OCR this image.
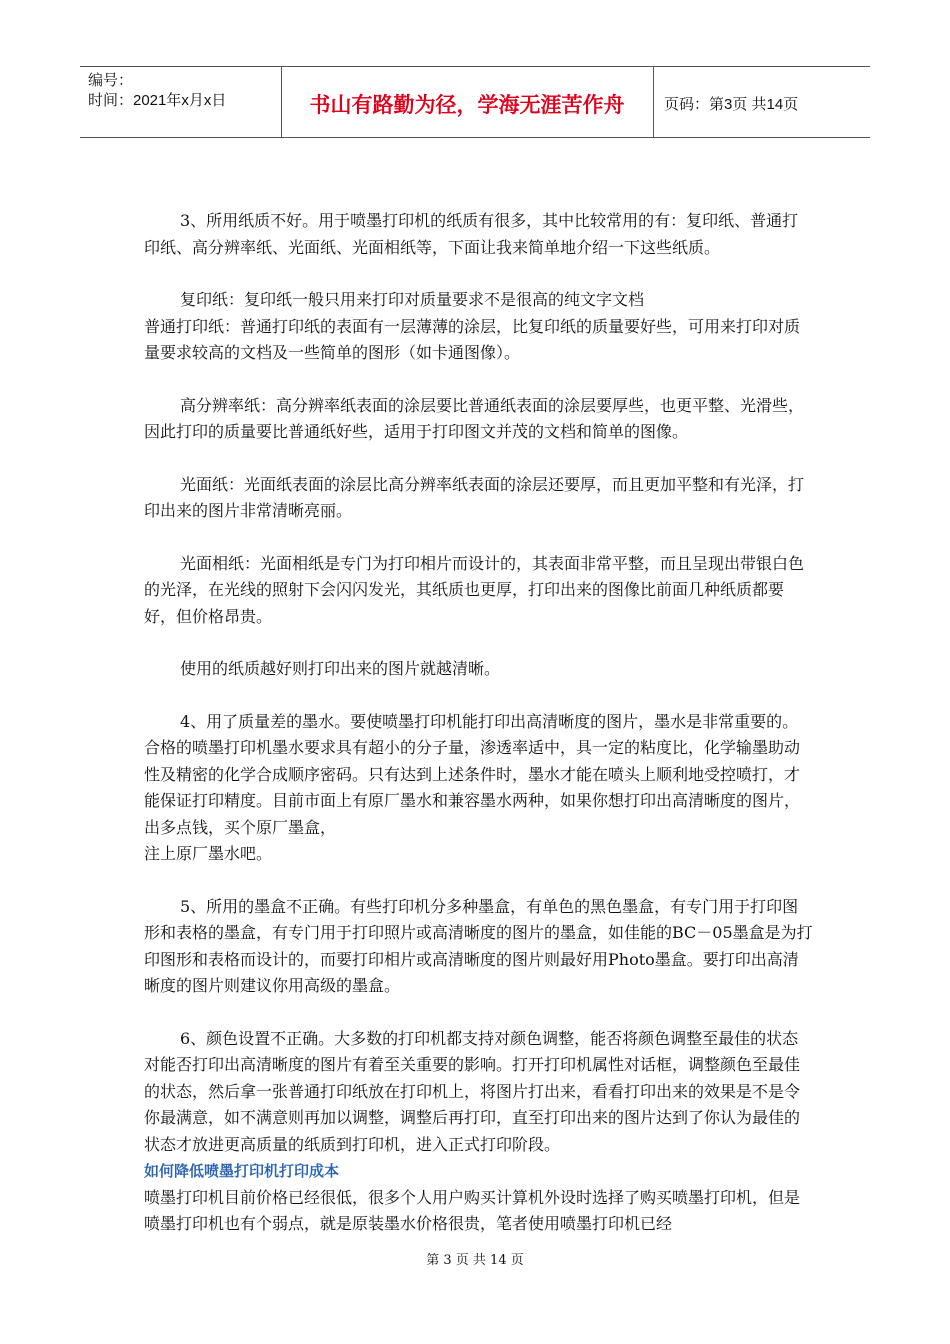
编号：
时间：2021年x月x日	书山有路勤为径，学海无涯苦作舟	页码：第3页 共14页

3、所用纸质不好。用于喷墨打印机的纸质有很多，其中比较常用的有：复印纸、普通打印纸、高分辨率纸、光面纸、光面相纸等，下面让我来简单地介绍一下这些纸质。

复印纸：复印纸一般只用来打印对质量要求不是很高的纯文字文档

普通打印纸：普通打印纸的表面有一层薄薄的涂层，比复印纸的质量要好些，可用来打印对质量要求较高的文档及一些简单的图形（如卡通图像）。

高分辨率纸：高分辨率纸表面的涂层要比普通纸表面的涂层要厚些，也更平整、光滑些，因此打印的质量要比普通纸好些，适用于打印图文并茂的文档和简单的图像。

光面纸：光面纸表面的涂层比高分辨率纸表面的涂层还要厚，而且更加平整和有光泽，打印出来的图片非常清晰亮丽。

光面相纸：光面相纸是专门为打印相片而设计的，其表面非常平整，而且呈现出带银白色的光泽，在光线的照射下会闪闪发光，其纸质也更厚，打印出来的图像比前面几种纸质都要好，但价格昂贵。

使用的纸质越好则打印出来的图片就越清晰。

4、用了质量差的墨水。要使喷墨打印机能打印出高清晰度的图片，墨水是非常重要的。合格的喷墨打印机墨水要求具有超小的分子量，渗透率适中，具一定的粘度比，化学输墨助动性及精密的化学合成顺序密码。只有达到上述条件时，墨水才能在喷头上顺利地受控喷打，才能保证打印精度。目前市面上有原厂墨水和兼容墨水两种，如果你想打印出高清晰度的图片，出多点钱，买个原厂墨盒，

注上原厂墨水吧。

5、所用的墨盒不正确。有些打印机分多种墨盒，有单色的黑色墨盒，有专门用于打印图形和表格的墨盒，有专门用于打印照片或高清晰度的图片的墨盒，如佳能的BC－05墨盒是为打印图形和表格而设计的，而要打印相片或高清晰度的图片则最好用Photo墨盒。要打印出高清晰度的图片则建议你用高级的墨盒。

6、颜色设置不正确。大多数的打印机都支持对颜色调整，能否将颜色调整至最佳的状态对能否打印出高清晰度的图片有着至关重要的影响。打开打印机属性对话框，调整颜色至最佳的状态，然后拿一张普通打印纸放在打印机上，将图片打出来，看看打印出来的效果是不是令你最满意，如不满意则再加以调整，调整后再打印，直至打印出来的图片达到了你认为最佳的状态才放进更高质量的纸质到打印机，进入正式打印阶段。

如何降低喷墨打印机打印成本

喷墨打印机目前价格已经很低，很多个人用户购买计算机外设时选择了购买喷墨打印机，但是喷墨打印机也有个弱点，就是原装墨水价格很贵，笔者使用喷墨打印机已经

第 3 页 共 14 页
